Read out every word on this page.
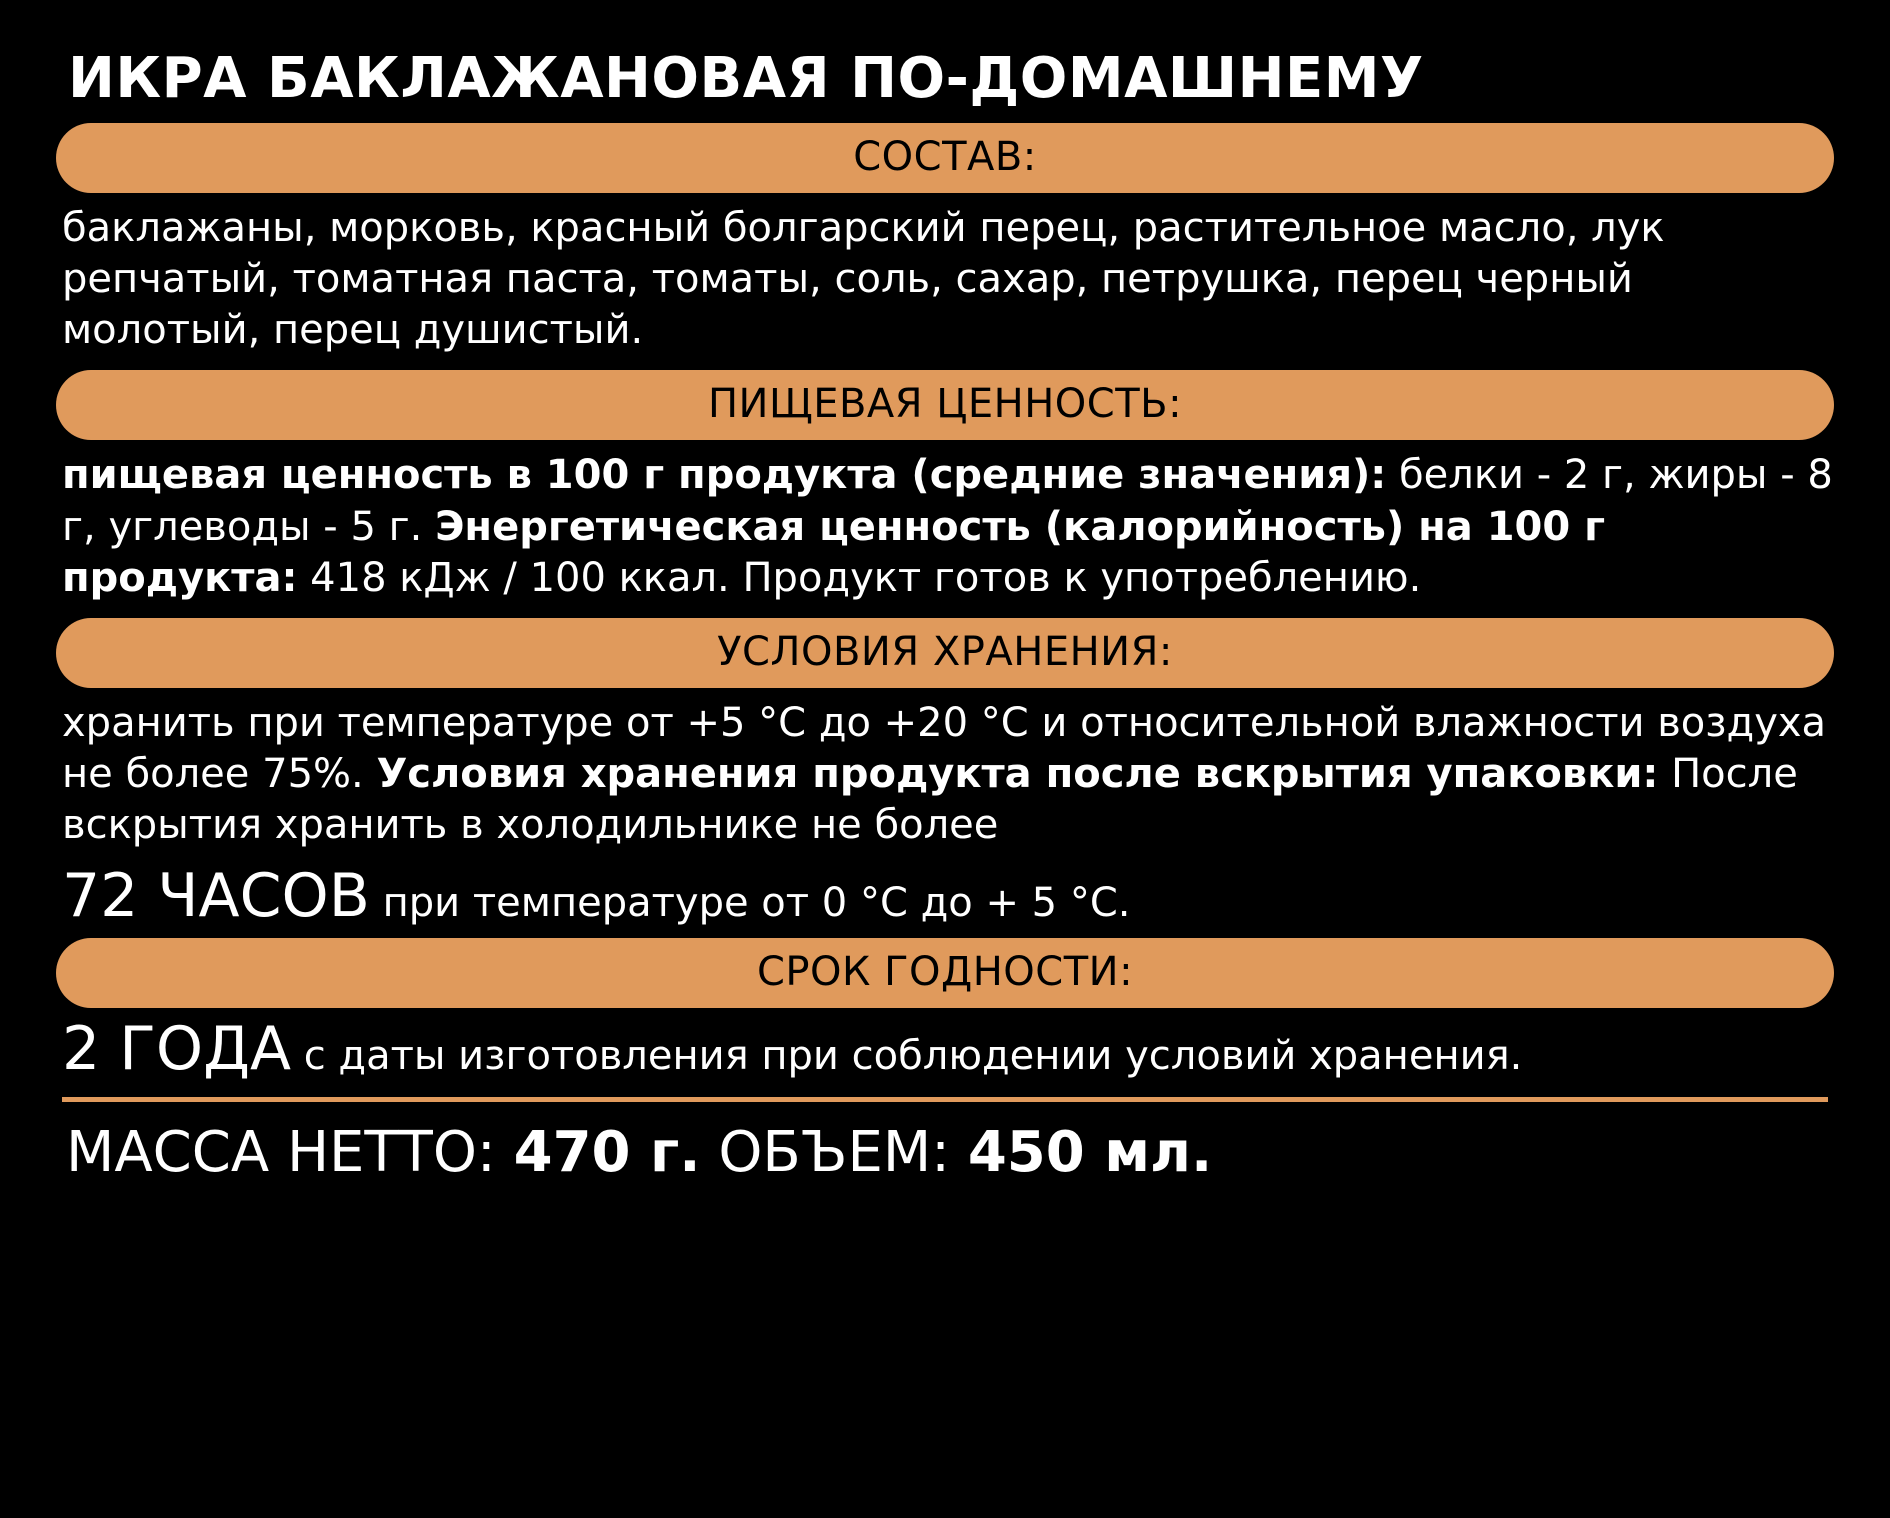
ИКРА БАКЛАЖАНОВАЯ ПО-ДОМАШНЕМУ
СОСТАВ:
баклажаны, морковь, красный болгарский перец, растительное масло, лук репчатый, томатная паста, томаты, соль, сахар, петрушка, перец черный молотый, перец душистый.
ПИЩЕВАЯ ЦЕННОСТЬ:
пищевая ценность в 100 г продукта (средние значения): белки - 2 г, жиры - 8 г, углеводы - 5 г. Энергетическая ценность (калорийность) на 100 г продукта: 418 кДж / 100 ккал. Продукт готов к употреблению.
УСЛОВИЯ ХРАНЕНИЯ:
хранить при температуре от +5 °C до +20 °C и относительной влажности воздуха не более 75%. Условия хранения продукта после вскрытия упаковки: После вскрытия хранить в холодильнике не более
72 ЧАСОВ при температуре от 0 °C до + 5 °C.
СРОК ГОДНОСТИ:
2 ГОДА с даты изготовления при соблюдении условий хранения.
МАССА НЕТТО: 470 г. ОБЪЕМ: 450 мл.
